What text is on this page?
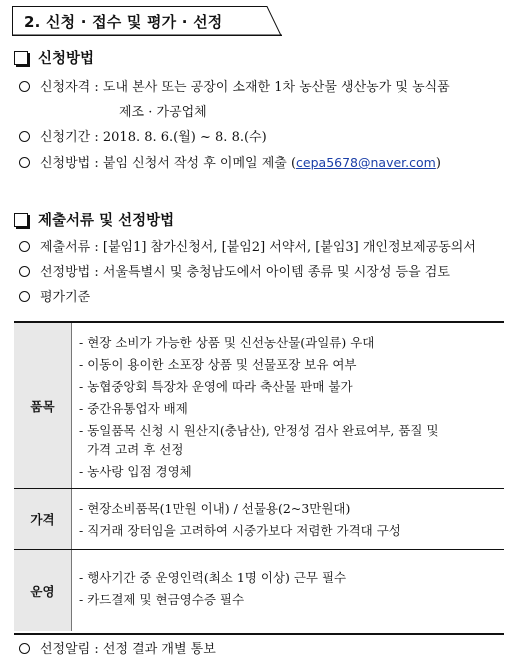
2. 신청 · 접수 및 평가 · 선정
신청방법
신청자격 : 도내 본사 또는 공장이 소재한 1차 농산물 생산농가 및 농식품
제조 · 가공업체
신청기간 : 2018. 8. 6.(월) ~ 8. 8.(수)
신청방법 : 붙임 신청서 작성 후 이메일 제출 (cepa5678@naver.com)
제출서류 및 선정방법
제출서류 : [붙임1] 참가신청서, [붙임2] 서약서, [붙임3] 개인정보제공동의서
선정방법 : 서울특별시 및 충청남도에서 아이템 종류 및 시장성 등을 검토
평가기준
품목
- 현장 소비가 가능한 상품 및 신선농산물(과일류) 우대
- 이동이 용이한 소포장 상품 및 선물포장 보유 여부
- 농협중앙회 특장차 운영에 따라 축산물 판매 불가
- 중간유통업자 배제
- 동일품목 신청 시 원산지(충남산), 안정성 검사 완료여부, 품질 및
가격 고려 후 선정
- 농사랑 입점 경영체
가격
- 현장소비품목(1만원 이내) / 선물용(2~3만원대)
- 직거래 장터임을 고려하여 시중가보다 저렴한 가격대 구성
운영
- 행사기간 중 운영인력(최소 1명 이상) 근무 필수
- 카드결제 및 현금영수증 필수
선정알림 : 선정 결과 개별 통보
